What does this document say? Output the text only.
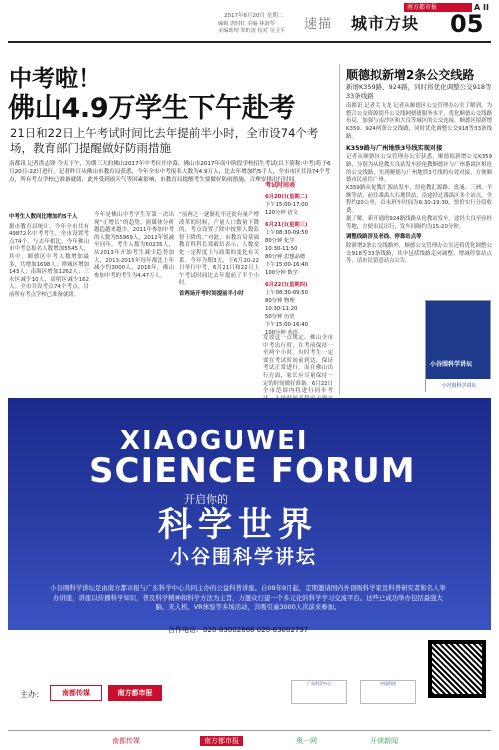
南方都市报	A II
2017年6月20日 星期二
编辑 唐时红 美编 林淑琴
美编助理 邹虹涛 校对 吴卫平 速描 城市方块 05
中考啦！
佛山4.9万学生下午赴考
21日和22日上午考试时间比去年提前半小时，全市设74个考场，教育部门提醒做好防雨措施
南都讯 记者洪志锋 今天下午，为期三天的佛山2017年中考拉开序幕，佛山市2017年高中阶段学校招生考试(以下简称:中考)将于6月20日-22日进行。记者昨日从佛山市教育局获悉，今年全市中考报名人数为4.9万人，比去年增加约5千人，全市市区共设74个考点，所有考点学校已准备就绪，此外受到雨天气等因素影响，市教育局提醒考生要做好防雨措施，合理安排出行时间。
中考生人数同比增加约5千人
据市教育局统计，今年全市共有49872名中考考生，全市设置考点74个，与去年相比，今年佛山市中考总报名人数增加5545人，其中，顺德区中考人数增加最多，共增加1698人；禅城区增加143人；南海区增加1262人；三水区减少10人，高明区减少162人。全市共设考点74个考点，目前所有考点学校已准备就绪。
今年是佛山中考学生军第一次出现“正增长”的趋势，据媒体分析越趋越来越少，2011年参加中考的人数为55969人，2012年锐减至同年，考生人数为50235人，从2013年开始考生减少趋势加大，2013-2015年每年都比上年减少约3000人，2016年，佛山参加中考的考生为4.47万人。
“前两之一逐渐扎牢迁徙有量产增改革的时候，产量人口数量下降的，考点设置了除中按照人数监督下降的。”对此，市教育局基础教育科科长郑毅信表示，人数变化一定程度上与政策的变化有关系。今年为期3天，于6月20-22日举行中考，6月21日和22日上午考试时间比去年提前了半个小时。
首两场开考时间提前半小时
考试时间表
6月20日(星期二)
下午15:00-17:00
120分钟 语文
6月21日(星期三)
上午08:30-09:50
80分钟 化学
10:30-11:50
80分钟 思想品德
下午15:00-16:40
100分钟 数学
6月22日(星期四)
上午08:30-09:50
80分钟 物理
10:30-11:20
50分钟 历史
下午15:00-16:40
100分钟 英语
发放这一点规定，佛山全市中考出行时，在考前保持一至两个小时。有时考生一定要在考试时间前到达，保证考试正常进行，而在佛山出行方面，家长应尽量保持一定的时间做好准备。6月22日全市范围内将进行同步考
顺德拟新增2条公交线路
新增K359路、924路，同时将优化调整公交918等33条线路
南都讯 记者关飞龙 记者从顺德区公交管理办公室了解到，为整合公交资源提升公交线网便捷服务水平，优化顺德公交线路布局，加强与南沙区和大良等城区的公交连接，顺德区拟新增K359、924两条公交线路，同时优化调整公交918等33条线路。
K359路与广州地铁3号线实现对接
记者从顺德区公交管理办公室获悉，顺德拟新增公交K359路，分别为从伦教大良站发车经伦教顺德区与广州番禺区相连的公交线路，实现顺德与广州地铁3号线的有效对接，方便顺德市民前往广州。
K359路从伦教汇源站发车，经伦教汇源路、熹涌、三洲、羊额等站，前往番禺大石地铁站，沿途经过番禺区多个站点，全程约20公里，首末班车时间为6:30-19:30，票价实行分段收费。
据了解，新开通的924路线路从伦教站发车，途经大良至容桂等地，方便市民出行，发车间隔约为15-20分钟。
调整线路涉及老线、停靠站点等
除新增2条公交线路外，顺德公交管理办公室还将优化调整公交918等33条线路，其中包括线路走向调整、增减停靠站点等，请市民留意站点公告。
小谷围科学讲坛
小谷围科学讲坛
XIAOGUWEI
SCIENCE FORUM
开启你的
科学世界
小谷围科学讲坛
小谷围科学讲坛是由南方都市报与广东科学中心共同主办的公益科普讲座。自09年9月起，定期邀请国内外顶级科学家及科普研究者和名人举办讲座，讲座以传播科学知识，普及科学精神和科学方法为主旨，力邀众行建一个多元化的科学学习交流平台。这些已成功举办包括最强大脑、无人机、VR体验等多场活动，共吸引逾3000人次前来参加。
合作电话：020-83002866 020-83002797
主办：	南都传媒	南方都市报
广东科学中心	中国科协
南都传媒	南方都市报	奥一网	开读新闻
